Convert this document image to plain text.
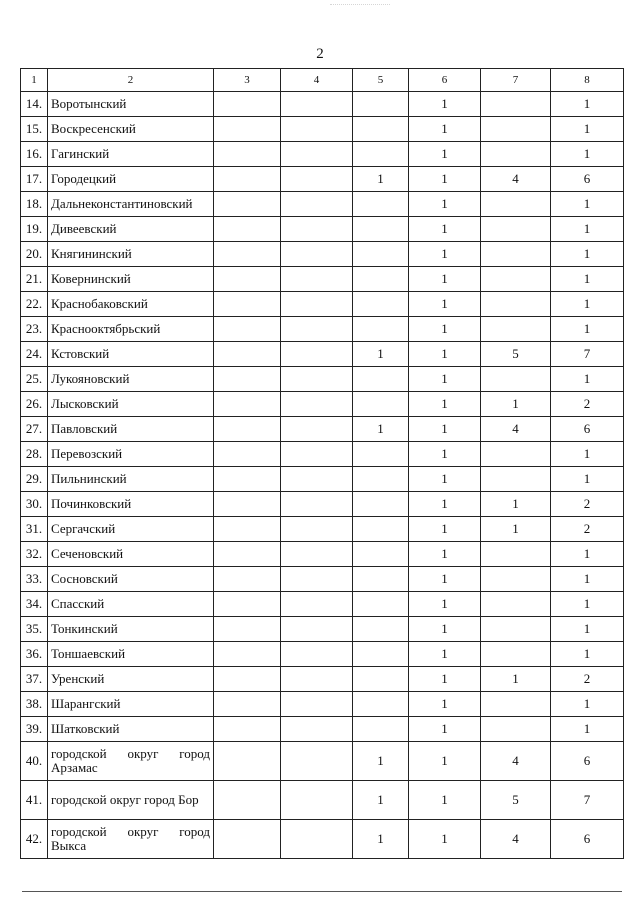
2
1	2	3	4	5	6	7	8
14.	Воротынский				1		1
15.	Воскресенский				1		1
16.	Гагинский				1		1
17.	Городецкий			1	1	4	6
18.	Дальнеконстантиновский				1		1
19.	Дивеевский				1		1
20.	Княгининский				1		1
21.	Ковернинский				1		1
22.	Краснобаковский				1		1
23.	Краснооктябрьский				1		1
24.	Кстовский			1	1	5	7
25.	Лукояновский				1		1
26.	Лысковский				1	1	2
27.	Павловский			1	1	4	6
28.	Перевозский				1		1
29.	Пильнинский				1		1
30.	Починковский				1	1	2
31.	Сергачский				1	1	2
32.	Сеченовский				1		1
33.	Сосновский				1		1
34.	Спасский				1		1
35.	Тонкинский				1		1
36.	Тоншаевский				1		1
37.	Уренский				1	1	2
38.	Шарангский				1		1
39.	Шатковский				1		1
40.	городской округ город Арзамас			1	1	4	6
41.	городской округ город Бор			1	1	5	7
42.	городской округ город Выкса			1	1	4	6
